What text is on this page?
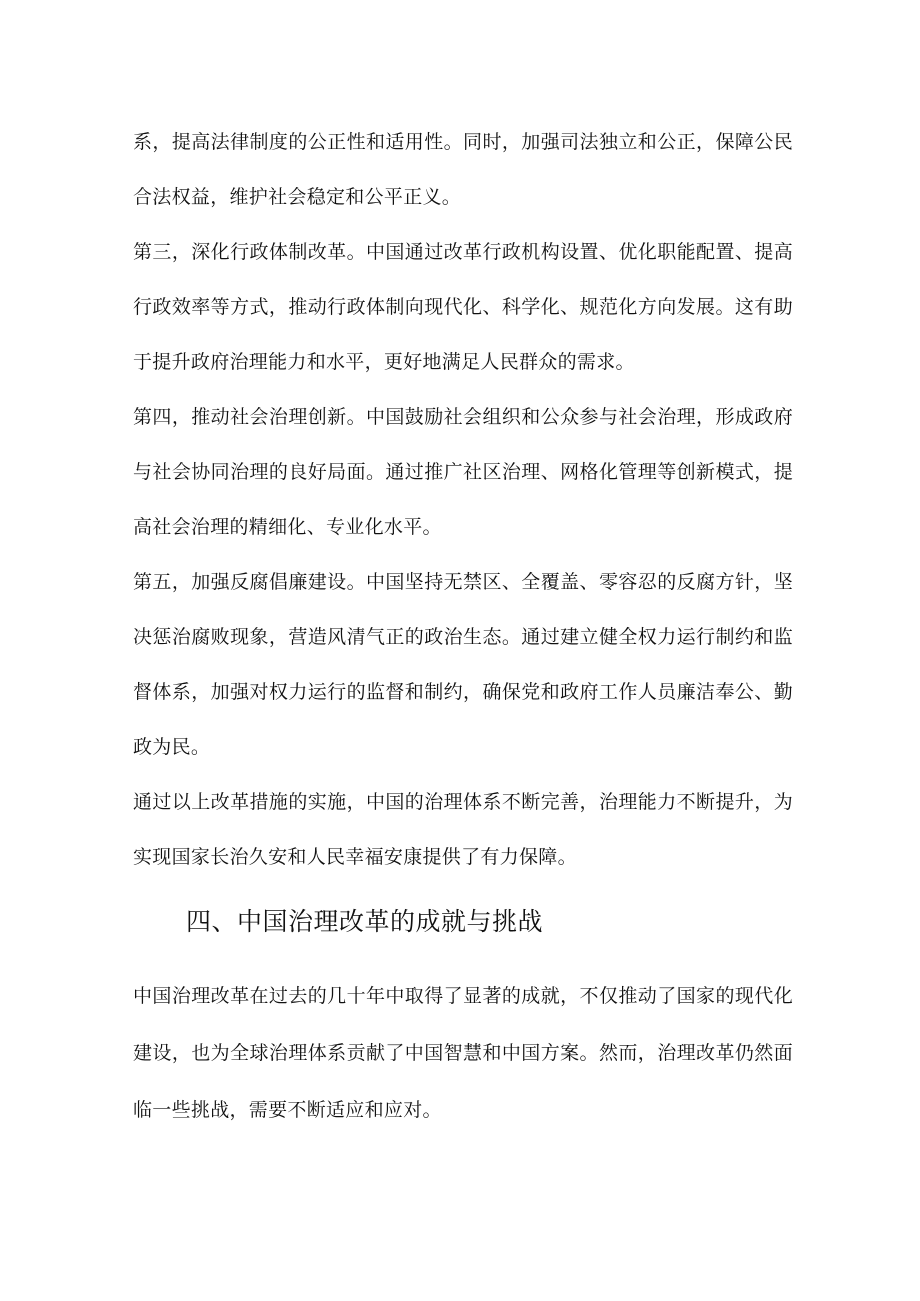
系，提高法律制度的公正性和适用性。同时，加强司法独立和公正，保障公民合法权益，维护社会稳定和公平正义。

第三，深化行政体制改革。中国通过改革行政机构设置、优化职能配置、提高行政效率等方式，推动行政体制向现代化、科学化、规范化方向发展。这有助于提升政府治理能力和水平，更好地满足人民群众的需求。

第四，推动社会治理创新。中国鼓励社会组织和公众参与社会治理，形成政府与社会协同治理的良好局面。通过推广社区治理、网格化管理等创新模式，提高社会治理的精细化、专业化水平。

第五，加强反腐倡廉建设。中国坚持无禁区、全覆盖、零容忍的反腐方针，坚决惩治腐败现象，营造风清气正的政治生态。通过建立健全权力运行制约和监督体系，加强对权力运行的监督和制约，确保党和政府工作人员廉洁奉公、勤政为民。

通过以上改革措施的实施，中国的治理体系不断完善，治理能力不断提升，为实现国家长治久安和人民幸福安康提供了有力保障。

四、中国治理改革的成就与挑战

中国治理改革在过去的几十年中取得了显著的成就，不仅推动了国家的现代化建设，也为全球治理体系贡献了中国智慧和中国方案。然而，治理改革仍然面临一些挑战，需要不断适应和应对。
